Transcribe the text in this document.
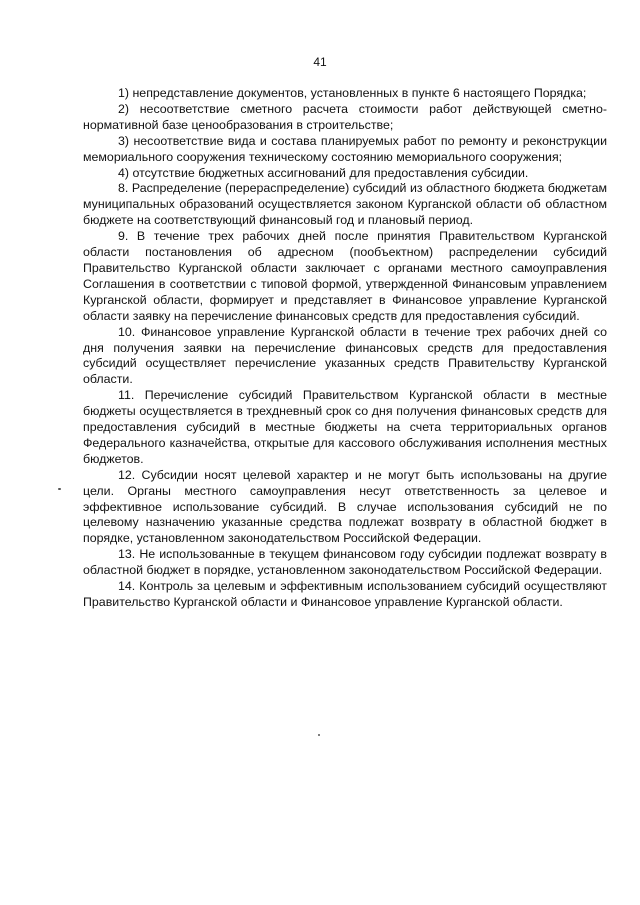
41

1) непредставление документов, установленных в пункте 6 настоящего Порядка;

2) несоответствие сметного расчета стоимости работ действующей сметно-нормативной базе ценообразования в строительстве;

3) несоответствие вида и состава планируемых работ по ремонту и реконструкции мемориального сооружения техническому состоянию мемориального сооружения;

4) отсутствие бюджетных ассигнований для предоставления субсидии.

8. Распределение (перераспределение) субсидий из областного бюджета бюджетам муниципальных образований осуществляется законом Курганской области об областном бюджете на соответствующий финансовый год и плановый период.

9. В течение трех рабочих дней после принятия Правительством Курганской области постановления об адресном (пообъектном) распределении субсидий Правительство Курганской области заключает с органами местного самоуправления Соглашения в соответствии с типовой формой, утвержденной Финансовым управлением Курганской области, формирует и представляет в Финансовое управление Курганской области заявку на перечисление финансовых средств для предоставления субсидий.

10. Финансовое управление Курганской области в течение трех рабочих дней со дня получения заявки на перечисление финансовых средств для предоставления субсидий осуществляет перечисление указанных средств Правительству Курганской области.

11. Перечисление субсидий Правительством Курганской области в местные бюджеты осуществляется в трехдневный срок со дня получения финансовых средств для предоставления субсидий в местные бюджеты на счета территориальных органов Федерального казначейства, открытые для кассового обслуживания исполнения местных бюджетов.

12. Субсидии носят целевой характер и не могут быть использованы на другие цели. Органы местного самоуправления несут ответственность за целевое и эффективное использование субсидий. В случае использования субсидий не по целевому назначению указанные средства подлежат возврату в областной бюджет в порядке, установленном законодательством Российской Федерации.

13. Не использованные в текущем финансовом году субсидии подлежат возврату в областной бюджет в порядке, установленном законодательством Российской Федерации.

14. Контроль за целевым и эффективным использованием субсидий осуществляют Правительство Курганской области и Финансовое управление Курганской области.
